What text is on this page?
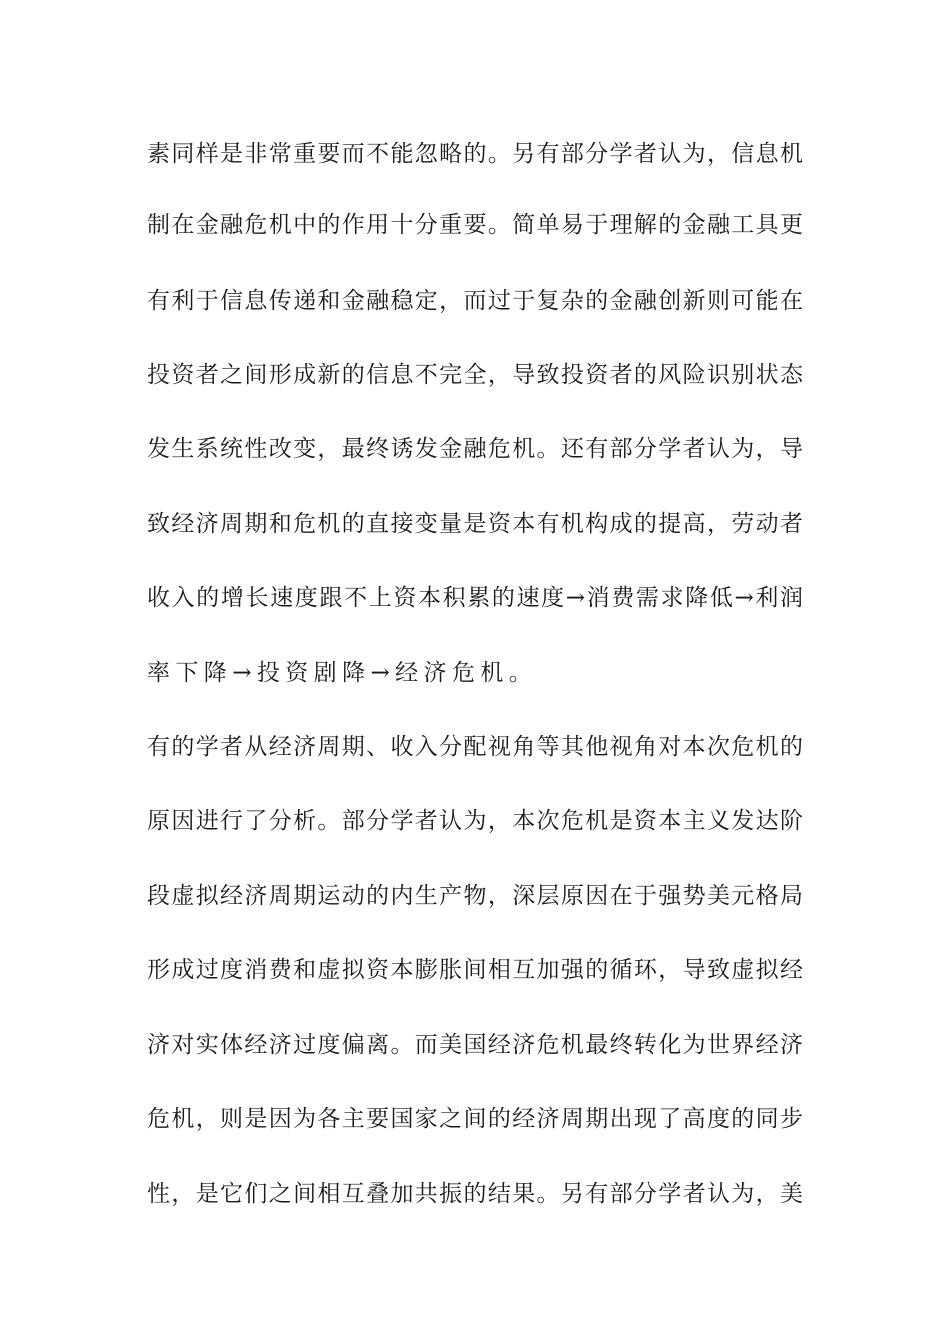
素同样是非常重要而不能忽略的。另有部分学者认为，信息机
制在金融危机中的作用十分重要。简单易于理解的金融工具更
有利于信息传递和金融稳定，而过于复杂的金融创新则可能在
投资者之间形成新的信息不完全，导致投资者的风险识别状态
发生系统性改变，最终诱发金融危机。还有部分学者认为，导
致经济周期和危机的直接变量是资本有机构成的提高，劳动者
收入的增长速度跟不上资本积累的速度→消费需求降低→利润
率下降→投资剧降→经济危机。
有的学者从经济周期、收入分配视角等其他视角对本次危机的
原因进行了分析。部分学者认为，本次危机是资本主义发达阶
段虚拟经济周期运动的内生产物，深层原因在于强势美元格局
形成过度消费和虚拟资本膨胀间相互加强的循环，导致虚拟经
济对实体经济过度偏离。而美国经济危机最终转化为世界经济
危机，则是因为各主要国家之间的经济周期出现了高度的同步
性，是它们之间相互叠加共振的结果。另有部分学者认为，美
